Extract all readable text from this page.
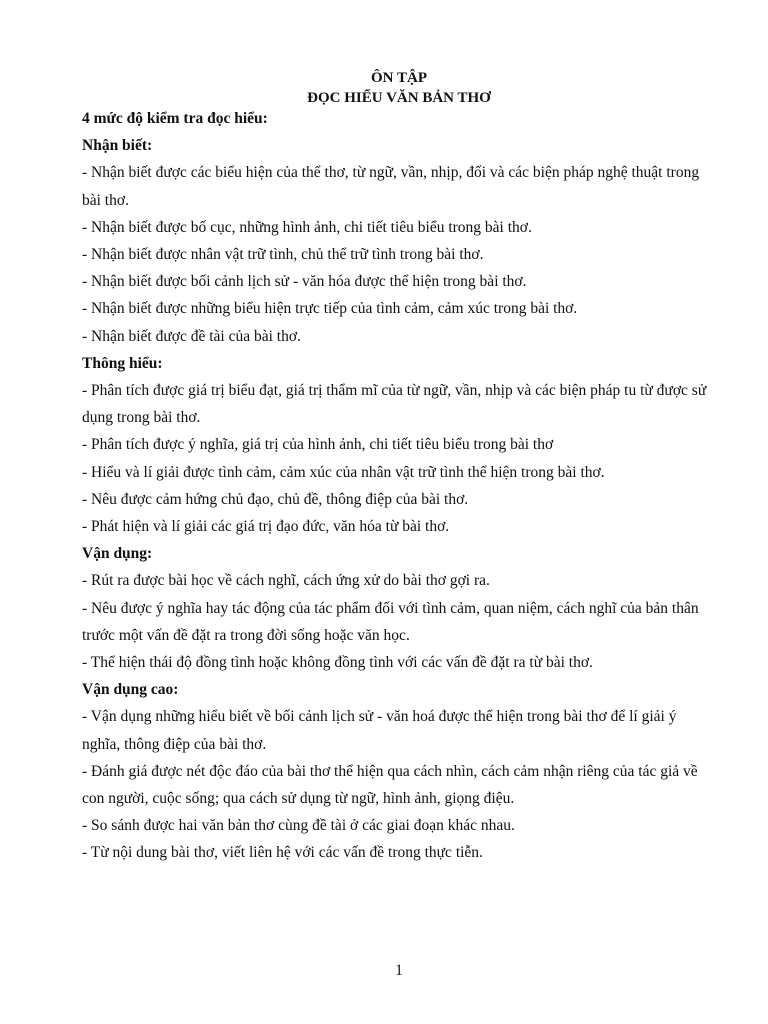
ÔN TẬP
ĐỌC HIỂU VĂN BẢN THƠ

4 mức độ kiểm tra đọc hiểu:

Nhận biết:

- Nhận biết được các biểu hiện của thể thơ, từ ngữ, vần, nhịp, đối và các biện pháp nghệ thuật trong bài thơ.

- Nhận biết được bố cục, những hình ảnh, chi tiết tiêu biểu trong bài thơ.

- Nhận biết được nhân vật trữ tình, chủ thể trữ tình trong bài thơ.

- Nhận biết được bối cảnh lịch sử - văn hóa được thể hiện trong bài thơ.

- Nhận biết được những biểu hiện trực tiếp của tình cảm, cảm xúc trong bài thơ.

- Nhận biết được đề tài của bài thơ.

Thông hiểu:

- Phân tích được giá trị biểu đạt, giá trị thẩm mĩ của từ ngữ, vần, nhịp và các biện pháp tu từ được sử dụng trong bài thơ.

- Phân tích được ý nghĩa, giá trị của hình ảnh, chi tiết tiêu biểu trong bài thơ

- Hiểu và lí giải được tình cảm, cảm xúc của nhân vật trữ tình thể hiện trong bài thơ.

- Nêu được cảm hứng chủ đạo, chủ đề, thông điệp của bài thơ.

- Phát hiện và lí giải các giá trị đạo đức, văn hóa từ bài thơ.

Vận dụng:

- Rút ra được bài học về cách nghĩ, cách ứng xử do bài thơ gợi ra.

- Nêu được ý nghĩa hay tác động của tác phẩm đối với tình cảm, quan niệm, cách nghĩ của bản thân trước một vấn đề đặt ra trong đời sống hoặc văn học.

- Thể hiện thái độ đồng tình hoặc không đồng tình với các vấn đề đặt ra từ bài thơ.

Vận dụng cao:

- Vận dụng những hiểu biết về bối cảnh lịch sử - văn hoá được thể hiện trong bài thơ để lí giải ý nghĩa, thông điệp của bài thơ.

- Đánh giá được nét độc đáo của bài thơ thể hiện qua cách nhìn, cách cảm nhận riêng của tác giả về con người, cuộc sống; qua cách sử dụng từ ngữ, hình ảnh, giọng điệu.

- So sánh được hai văn bản thơ cùng đề tài ở các giai đoạn khác nhau.

- Từ nội dung bài thơ, viết liên hệ với các vấn đề trong thực tiễn.

1
